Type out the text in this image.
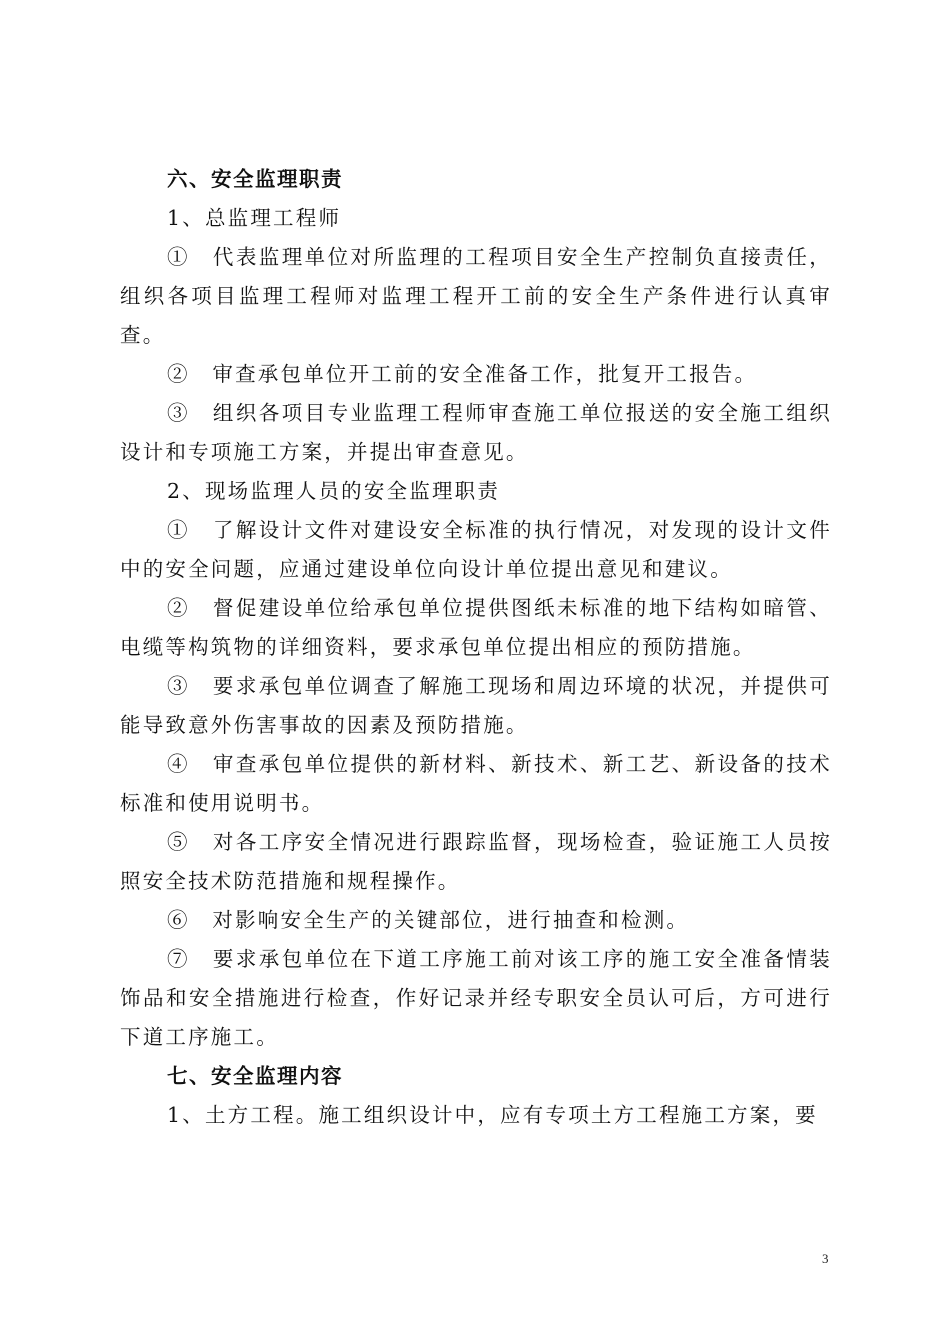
六、安全监理职责

1、总监理工程师

①　代表监理单位对所监理的工程项目安全生产控制负直接责任，组织各项目监理工程师对监理工程开工前的安全生产条件进行认真审查。

②　审查承包单位开工前的安全准备工作，批复开工报告。

③　组织各项目专业监理工程师审查施工单位报送的安全施工组织设计和专项施工方案，并提出审查意见。

2、现场监理人员的安全监理职责

①　了解设计文件对建设安全标准的执行情况，对发现的设计文件中的安全问题，应通过建设单位向设计单位提出意见和建议。

②　督促建设单位给承包单位提供图纸未标准的地下结构如暗管、电缆等构筑物的详细资料，要求承包单位提出相应的预防措施。

③　要求承包单位调查了解施工现场和周边环境的状况，并提供可能导致意外伤害事故的因素及预防措施。

④　审查承包单位提供的新材料、新技术、新工艺、新设备的技术标准和使用说明书。

⑤　对各工序安全情况进行跟踪监督，现场检查，验证施工人员按照安全技术防范措施和规程操作。

⑥　对影响安全生产的关键部位，进行抽查和检测。

⑦　要求承包单位在下道工序施工前对该工序的施工安全准备情装饰品和安全措施进行检查，作好记录并经专职安全员认可后，方可进行下道工序施工。

七、安全监理内容

1、土方工程。施工组织设计中，应有专项土方工程施工方案，要

3
